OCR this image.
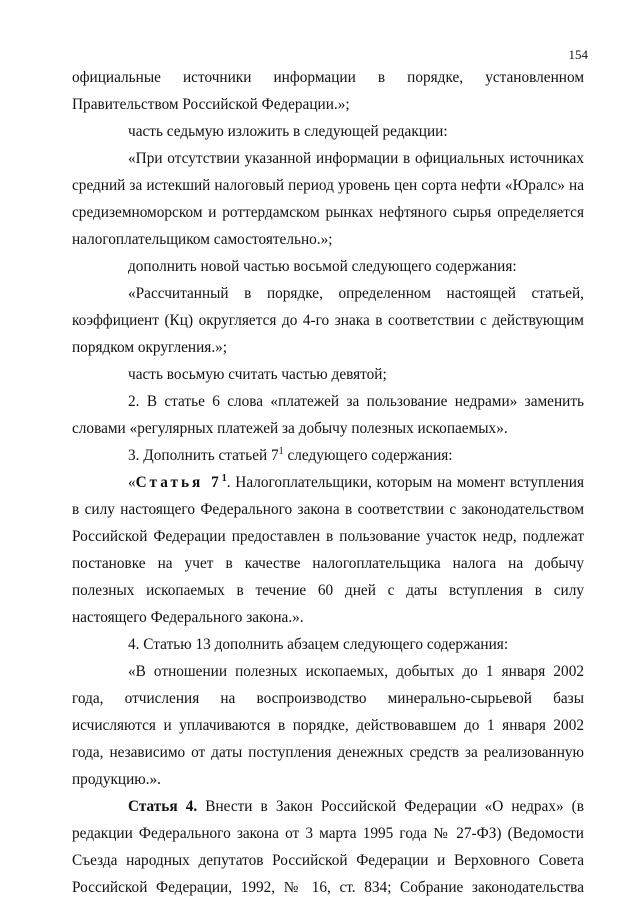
154
официальные источники информации в порядке, установленном
Правительством Российской Федерации.»;
часть седьмую изложить в следующей редакции:
«При отсутствии указанной информации в официальных источниках
средний за истекший налоговый период уровень цен сорта нефти «Юралс» на
средиземноморском и роттердамском рынках нефтяного сырья определяется
налогоплательщиком самостоятельно.»;
дополнить новой частью восьмой следующего содержания:
«Рассчитанный в порядке, определенном настоящей статьей,
коэффициент (Кц) округляется до 4-го знака в соответствии с действующим
порядком округления.»;
часть восьмую считать частью девятой;
2. В статье 6 слова «платежей за пользование недрами» заменить
словами «регулярных платежей за добычу полезных ископаемых».
3. Дополнить статьей $7^1$ следующего содержания:
«Статья $7^1$. Налогоплательщики, которым на момент вступления
в силу настоящего Федерального закона в соответствии с законодательством
Российской Федерации предоставлен в пользование участок недр, подлежат
постановке на учет в качестве налогоплательщика налога на добычу
полезных ископаемых в течение 60 дней с даты вступления в силу
настоящего Федерального закона.».
4. Статью 13 дополнить абзацем следующего содержания:
«В отношении полезных ископаемых, добытых до 1 января 2002
года, отчисления на воспроизводство минерально-сырьевой базы
исчисляются и уплачиваются в порядке, действовавшем до 1 января 2002
года, независимо от даты поступления денежных средств за реализованную
продукцию.».
Статья 4. Внести в Закон Российской Федерации «О недрах» (в
редакции Федерального закона от 3 марта 1995 года № 27-ФЗ) (Ведомости
Съезда народных депутатов Российской Федерации и Верховного Совета
Российской Федерации, 1992, № 16, ст. 834; Собрание законодательства
